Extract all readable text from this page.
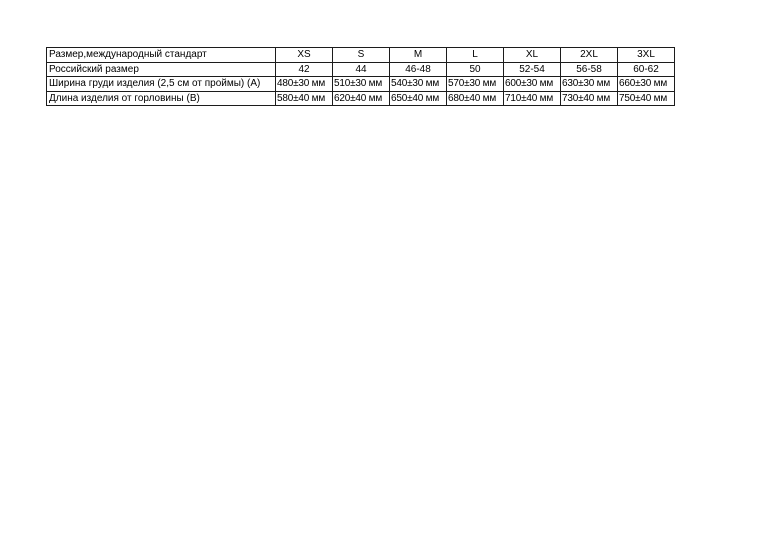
Размер,международный стандарт	XS	S	M	L	XL	2XL	3XL
Российский размер	42	44	46-48	50	52-54	56-58	60-62
Ширина груди изделия (2,5 см от проймы) (А)	480±30 мм	510±30 мм	540±30 мм	570±30 мм	600±30 мм	630±30 мм	660±30 мм
Длина изделия от горловины (В)	580±40 мм	620±40 мм	650±40 мм	680±40 мм	710±40 мм	730±40 мм	750±40 мм
